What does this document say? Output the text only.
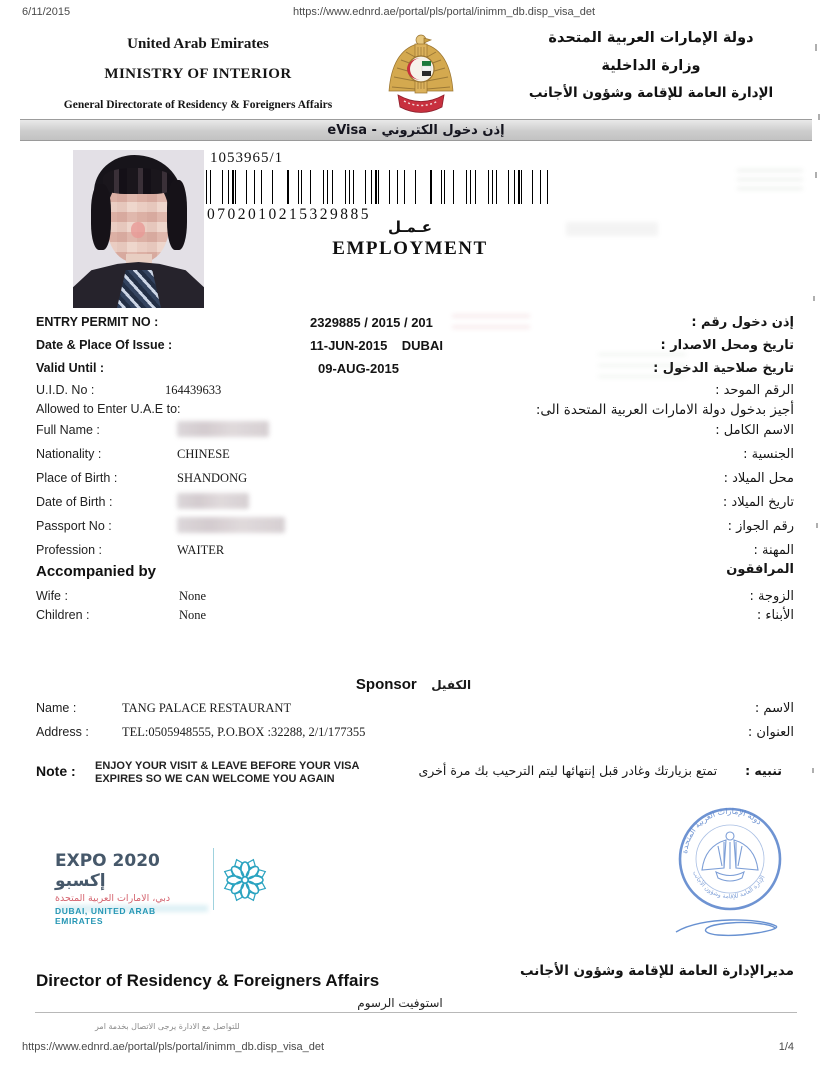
6/11/2015	https://www.ednrd.ae/portal/pls/portal/inimm_db.disp_visa_det
United Arab Emirates
MINISTRY OF INTERIOR
General Directorate of Residency & Foreigners Affairs
دولة الإمارات العربية المتحدة
وزارة الداخلية
الإدارة العامة للإقامة وشؤون الأجانب
eVisa - إذن دخول الكتروني
1053965/1
0702010215329885
عـمـل
EMPLOYMENT
ENTRY PERMIT NO :	2329885 / 2015 / 201	إذن دخول رقم :
Date & Place Of Issue :	11-JUN-2015    DUBAI	تاريخ ومحل الاصدار :
Valid Until :	09-AUG-2015	تاريخ صلاحية الدخول :
U.I.D. No :	164439633	الرقم الموحد :
Allowed to Enter U.A.E to:	أجيز بدخول دولة الامارات العربية المتحدة الى:
Full Name :	الاسم الكامل :
Nationality :	CHINESE	الجنسية :
Place of Birth :	SHANDONG	محل الميلاد :
Date of Birth :	تاريخ الميلاد :
Passport No :	رقم الجواز :
Profession :	WAITER	المهنة :
Accompanied by	المرافقون
Wife :	None	الزوجة :
Children :	None	الأبناء :
Sponsor الكفيل
Name :	TANG PALACE RESTAURANT	الاسم :
Address :	TEL:0505948555, P.O.BOX :32288, 2/1/177355	العنوان :
Note : ENJOY YOUR VISIT & LEAVE BEFORE YOUR VISA EXPIRES SO WE CAN WELCOME YOU AGAIN
تنبيه :
تمتع بزيارتك وغادر قبل إنتهائها ليتم الترحيب بك مرة أخرى
EXPO 2020 إكسبو
دبي، الامارات العربية المتحدة
DUBAI, UNITED ARAB EMIRATES
دولة الإمارات العربية المتحدة
الإدارة العامة للإقامة وشؤون الأجانب
Director of Residency & Foreigners Affairs	مديرالإدارة العامة للإقامة وشؤون الأجانب
استوفيت الرسوم
للتواصل مع الادارة يرجى الاتصال بخدمة امر
https://www.ednrd.ae/portal/pls/portal/inimm_db.disp_visa_det	1/4
